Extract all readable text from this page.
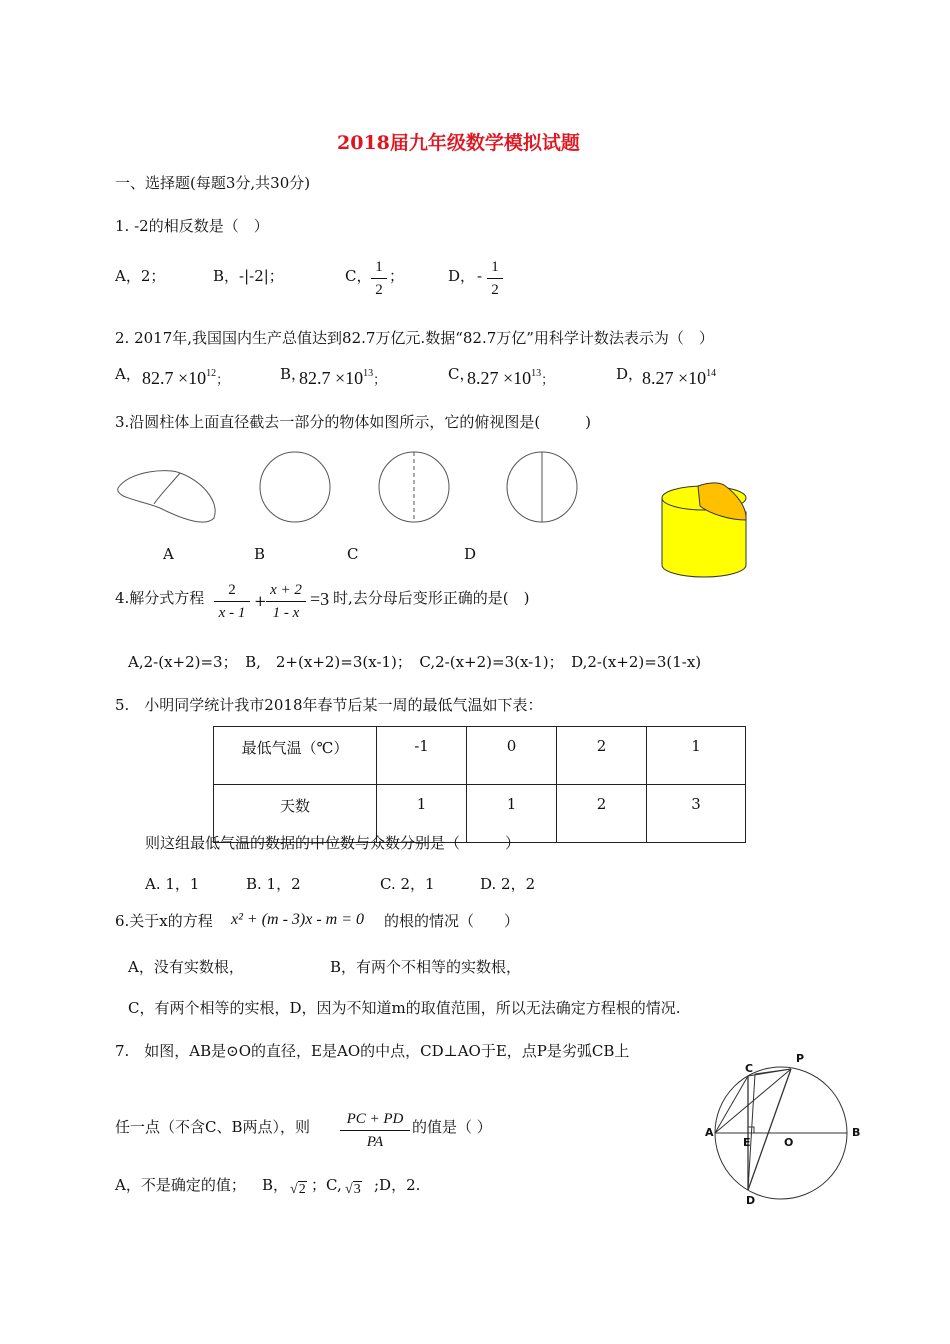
2018届九年级数学模拟试题
一、选择题(每题3分,共30分)
1. -2的相反数是（　）
A，2；	B，-|-2|；	C， 1
2
；	D， - 1
2
2. 2017年,我国国内生产总值达到82.7万亿元.数据“82.7万亿”用科学计数法表示为（　）
A， $82.7 \times 10^{12}$；	B，
$82.7 \times 10^{13}$；	C，
$8.27 \times 10^{13}$；	D，
$8.27 \times 10^{14}$
3.沿圆柱体上面直径截去一部分的物体如图所示，它的俯视图是(　　　)
A	B	C	D
4.解分式方程	2
x - 1
+
x + 2
1 - x
=3 时,去分母后变形正确的是(　)
A,2-(x+2)=3；　B,　2+(x+2)=3(x-1)；　C,2-(x+2)=3(x-1)；　D,2-(x+2)=3(1-x)
5.　小明同学统计我市2018年春节后某一周的最低气温如下表：
最低气温（℃）	-1	0	2	1
天数	1	1	2	3
则这组最低气温的数据的中位数与众数分别是（　　　）
A. 1，1	B. 1，2	C. 2，1	D. 2，2
6.关于x的方程 x² + (m - 3)x - m = 0 的根的情况（　　）
A，没有实数根，	B，有两个不相等的实数根，
C，有两个相等的实根，D，因为不知道m的取值范围，所以无法确定方程根的情况.
7.　如图，AB是⊙O的直径，E是AO的中点，CD⊥AO于E，点P是劣弧CB上
任一点（不含C、B两点），则	PC + PD
PA
的值是（ ）
A，不是确定的值； B， √2 ；C, √3 ;D，2.
P
C
A
E	O
B
D
